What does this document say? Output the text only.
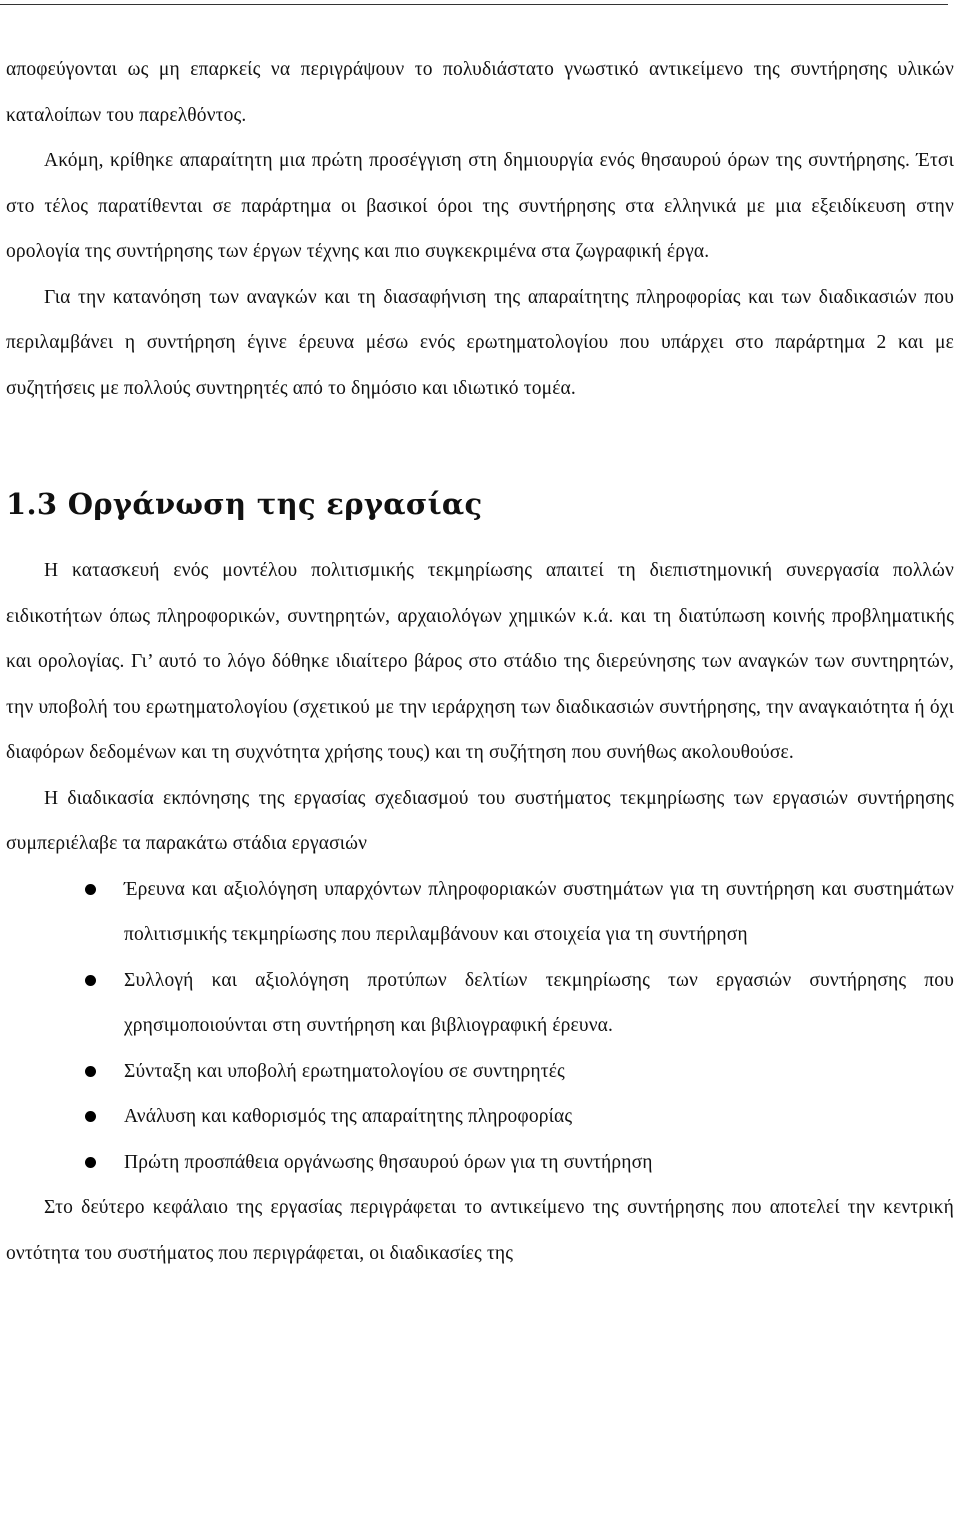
αποφεύγονται ως μη επαρκείς να περιγράψουν το πολυδιάστατο γνωστικό αντικείμενο της συντήρησης υλικών καταλοίπων του παρελθόντος.

Ακόμη, κρίθηκε απαραίτητη μια πρώτη προσέγγιση στη δημιουργία ενός θησαυρού όρων της συντήρησης. Έτσι στο τέλος παρατίθενται σε παράρτημα οι βασικοί όροι της συντήρησης στα ελληνικά με μια εξειδίκευση στην ορολογία της συντήρησης των έργων τέχνης και πιο συγκεκριμένα στα ζωγραφική έργα.

Για την κατανόηση των αναγκών και τη διασαφήνιση της απαραίτητης πληροφορίας και των διαδικασιών που περιλαμβάνει η συντήρηση έγινε έρευνα μέσω ενός ερωτηματολογίου που υπάρχει στο παράρτημα 2 και με συζητήσεις με πολλούς συντηρητές από το δημόσιο και ιδιωτικό τομέα.

1.3 Οργάνωση της εργασίας

Η κατασκευή ενός μοντέλου πολιτισμικής τεκμηρίωσης απαιτεί τη διεπιστημονική συνεργασία πολλών ειδικοτήτων όπως πληροφορικών, συντηρητών, αρχαιολόγων χημικών κ.ά. και τη διατύπωση κοινής προβληματικής και ορολογίας. Γι’ αυτό το λόγο δόθηκε ιδιαίτερο βάρος στο στάδιο της διερεύνησης των αναγκών των συντηρητών, την υποβολή του ερωτηματολογίου (σχετικού με την ιεράρχηση των διαδικασιών συντήρησης, την αναγκαιότητα ή όχι διαφόρων δεδομένων και τη συχνότητα χρήσης τους) και τη συζήτηση που συνήθως ακολουθούσε.

Η διαδικασία εκπόνησης της εργασίας σχεδιασμού του συστήματος τεκμηρίωσης των εργασιών συντήρησης συμπεριέλαβε τα παρακάτω στάδια εργασιών

Έρευνα και αξιολόγηση υπαρχόντων πληροφοριακών συστημάτων για τη συντήρηση και συστημάτων πολιτισμικής τεκμηρίωσης που περιλαμβάνουν και στοιχεία για τη συντήρηση
Συλλογή και αξιολόγηση προτύπων δελτίων τεκμηρίωσης των εργασιών συντήρησης που χρησιμοποιούνται στη συντήρηση και βιβλιογραφική έρευνα.
Σύνταξη και υποβολή ερωτηματολογίου σε συντηρητές
Ανάλυση και καθορισμός της απαραίτητης πληροφορίας
Πρώτη προσπάθεια οργάνωσης θησαυρού όρων για τη συντήρηση

Στο δεύτερο κεφάλαιο της εργασίας περιγράφεται το αντικείμενο της συντήρησης που αποτελεί την κεντρική οντότητα του συστήματος που περιγράφεται, οι διαδικασίες της
